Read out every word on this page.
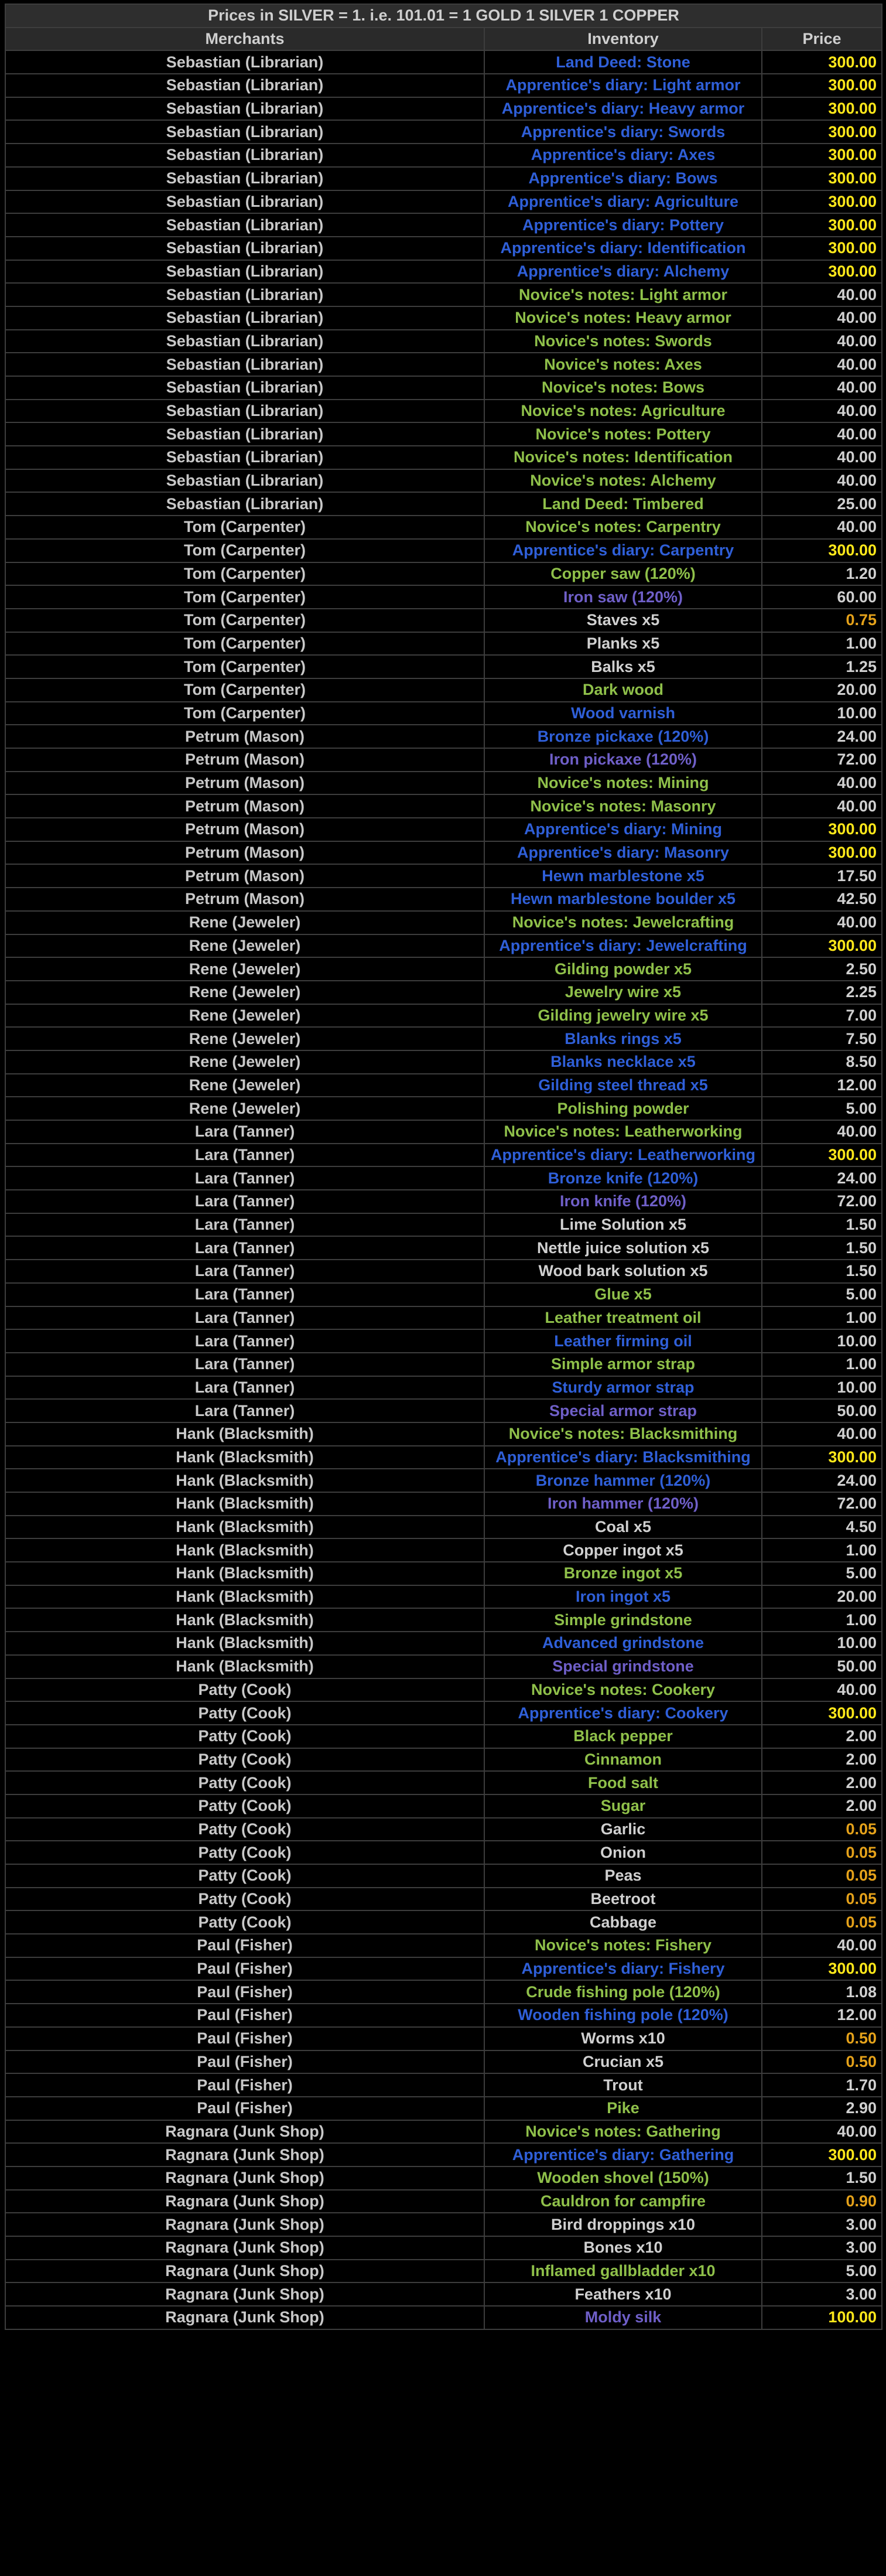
Prices in SILVER = 1. i.e. 101.01 = 1 GOLD 1 SILVER 1 COPPER		
Merchants	Inventory	Price
Sebastian (Librarian)	Land Deed: Stone	300.00
Sebastian (Librarian)	Apprentice's diary: Light armor	300.00
Sebastian (Librarian)	Apprentice's diary: Heavy armor	300.00
Sebastian (Librarian)	Apprentice's diary: Swords	300.00
Sebastian (Librarian)	Apprentice's diary: Axes	300.00
Sebastian (Librarian)	Apprentice's diary: Bows	300.00
Sebastian (Librarian)	Apprentice's diary: Agriculture	300.00
Sebastian (Librarian)	Apprentice's diary: Pottery	300.00
Sebastian (Librarian)	Apprentice's diary: Identification	300.00
Sebastian (Librarian)	Apprentice's diary: Alchemy	300.00
Sebastian (Librarian)	Novice's notes: Light armor	40.00
Sebastian (Librarian)	Novice's notes: Heavy armor	40.00
Sebastian (Librarian)	Novice's notes: Swords	40.00
Sebastian (Librarian)	Novice's notes: Axes	40.00
Sebastian (Librarian)	Novice's notes: Bows	40.00
Sebastian (Librarian)	Novice's notes: Agriculture	40.00
Sebastian (Librarian)	Novice's notes: Pottery	40.00
Sebastian (Librarian)	Novice's notes: Identification	40.00
Sebastian (Librarian)	Novice's notes: Alchemy	40.00
Sebastian (Librarian)	Land Deed: Timbered	25.00
Tom (Carpenter)	Novice's notes: Carpentry	40.00
Tom (Carpenter)	Apprentice's diary: Carpentry	300.00
Tom (Carpenter)	Copper saw (120%)	1.20
Tom (Carpenter)	Iron saw (120%)	60.00
Tom (Carpenter)	Staves x5	0.75
Tom (Carpenter)	Planks x5	1.00
Tom (Carpenter)	Balks x5	1.25
Tom (Carpenter)	Dark wood	20.00
Tom (Carpenter)	Wood varnish	10.00
Petrum (Mason)	Bronze pickaxe (120%)	24.00
Petrum (Mason)	Iron pickaxe (120%)	72.00
Petrum (Mason)	Novice's notes: Mining	40.00
Petrum (Mason)	Novice's notes: Masonry	40.00
Petrum (Mason)	Apprentice's diary: Mining	300.00
Petrum (Mason)	Apprentice's diary: Masonry	300.00
Petrum (Mason)	Hewn marblestone x5	17.50
Petrum (Mason)	Hewn marblestone boulder x5	42.50
Rene (Jeweler)	Novice's notes: Jewelcrafting	40.00
Rene (Jeweler)	Apprentice's diary: Jewelcrafting	300.00
Rene (Jeweler)	Gilding powder x5	2.50
Rene (Jeweler)	Jewelry wire x5	2.25
Rene (Jeweler)	Gilding jewelry wire x5	7.00
Rene (Jeweler)	Blanks rings x5	7.50
Rene (Jeweler)	Blanks necklace x5	8.50
Rene (Jeweler)	Gilding steel thread x5	12.00
Rene (Jeweler)	Polishing powder	5.00
Lara (Tanner)	Novice's notes: Leatherworking	40.00
Lara (Tanner)	Apprentice's diary: Leatherworking	300.00
Lara (Tanner)	Bronze knife (120%)	24.00
Lara (Tanner)	Iron knife (120%)	72.00
Lara (Tanner)	Lime Solution x5	1.50
Lara (Tanner)	Nettle juice solution x5	1.50
Lara (Tanner)	Wood bark solution x5	1.50
Lara (Tanner)	Glue x5	5.00
Lara (Tanner)	Leather treatment oil	1.00
Lara (Tanner)	Leather firming oil	10.00
Lara (Tanner)	Simple armor strap	1.00
Lara (Tanner)	Sturdy armor strap	10.00
Lara (Tanner)	Special armor strap	50.00
Hank (Blacksmith)	Novice's notes: Blacksmithing	40.00
Hank (Blacksmith)	Apprentice's diary: Blacksmithing	300.00
Hank (Blacksmith)	Bronze hammer (120%)	24.00
Hank (Blacksmith)	Iron hammer (120%)	72.00
Hank (Blacksmith)	Coal x5	4.50
Hank (Blacksmith)	Copper ingot x5	1.00
Hank (Blacksmith)	Bronze ingot x5	5.00
Hank (Blacksmith)	Iron ingot x5	20.00
Hank (Blacksmith)	Simple grindstone	1.00
Hank (Blacksmith)	Advanced grindstone	10.00
Hank (Blacksmith)	Special grindstone	50.00
Patty (Cook)	Novice's notes: Cookery	40.00
Patty (Cook)	Apprentice's diary: Cookery	300.00
Patty (Cook)	Black pepper	2.00
Patty (Cook)	Cinnamon	2.00
Patty (Cook)	Food salt	2.00
Patty (Cook)	Sugar	2.00
Patty (Cook)	Garlic	0.05
Patty (Cook)	Onion	0.05
Patty (Cook)	Peas	0.05
Patty (Cook)	Beetroot	0.05
Patty (Cook)	Cabbage	0.05
Paul (Fisher)	Novice's notes: Fishery	40.00
Paul (Fisher)	Apprentice's diary: Fishery	300.00
Paul (Fisher)	Crude fishing pole (120%)	1.08
Paul (Fisher)	Wooden fishing pole (120%)	12.00
Paul (Fisher)	Worms x10	0.50
Paul (Fisher)	Crucian x5	0.50
Paul (Fisher)	Trout	1.70
Paul (Fisher)	Pike	2.90
Ragnara (Junk Shop)	Novice's notes: Gathering	40.00
Ragnara (Junk Shop)	Apprentice's diary: Gathering	300.00
Ragnara (Junk Shop)	Wooden shovel (150%)	1.50
Ragnara (Junk Shop)	Cauldron for campfire	0.90
Ragnara (Junk Shop)	Bird droppings x10	3.00
Ragnara (Junk Shop)	Bones x10	3.00
Ragnara (Junk Shop)	Inflamed gallbladder x10	5.00
Ragnara (Junk Shop)	Feathers x10	3.00
Ragnara (Junk Shop)	Moldy silk	100.00
